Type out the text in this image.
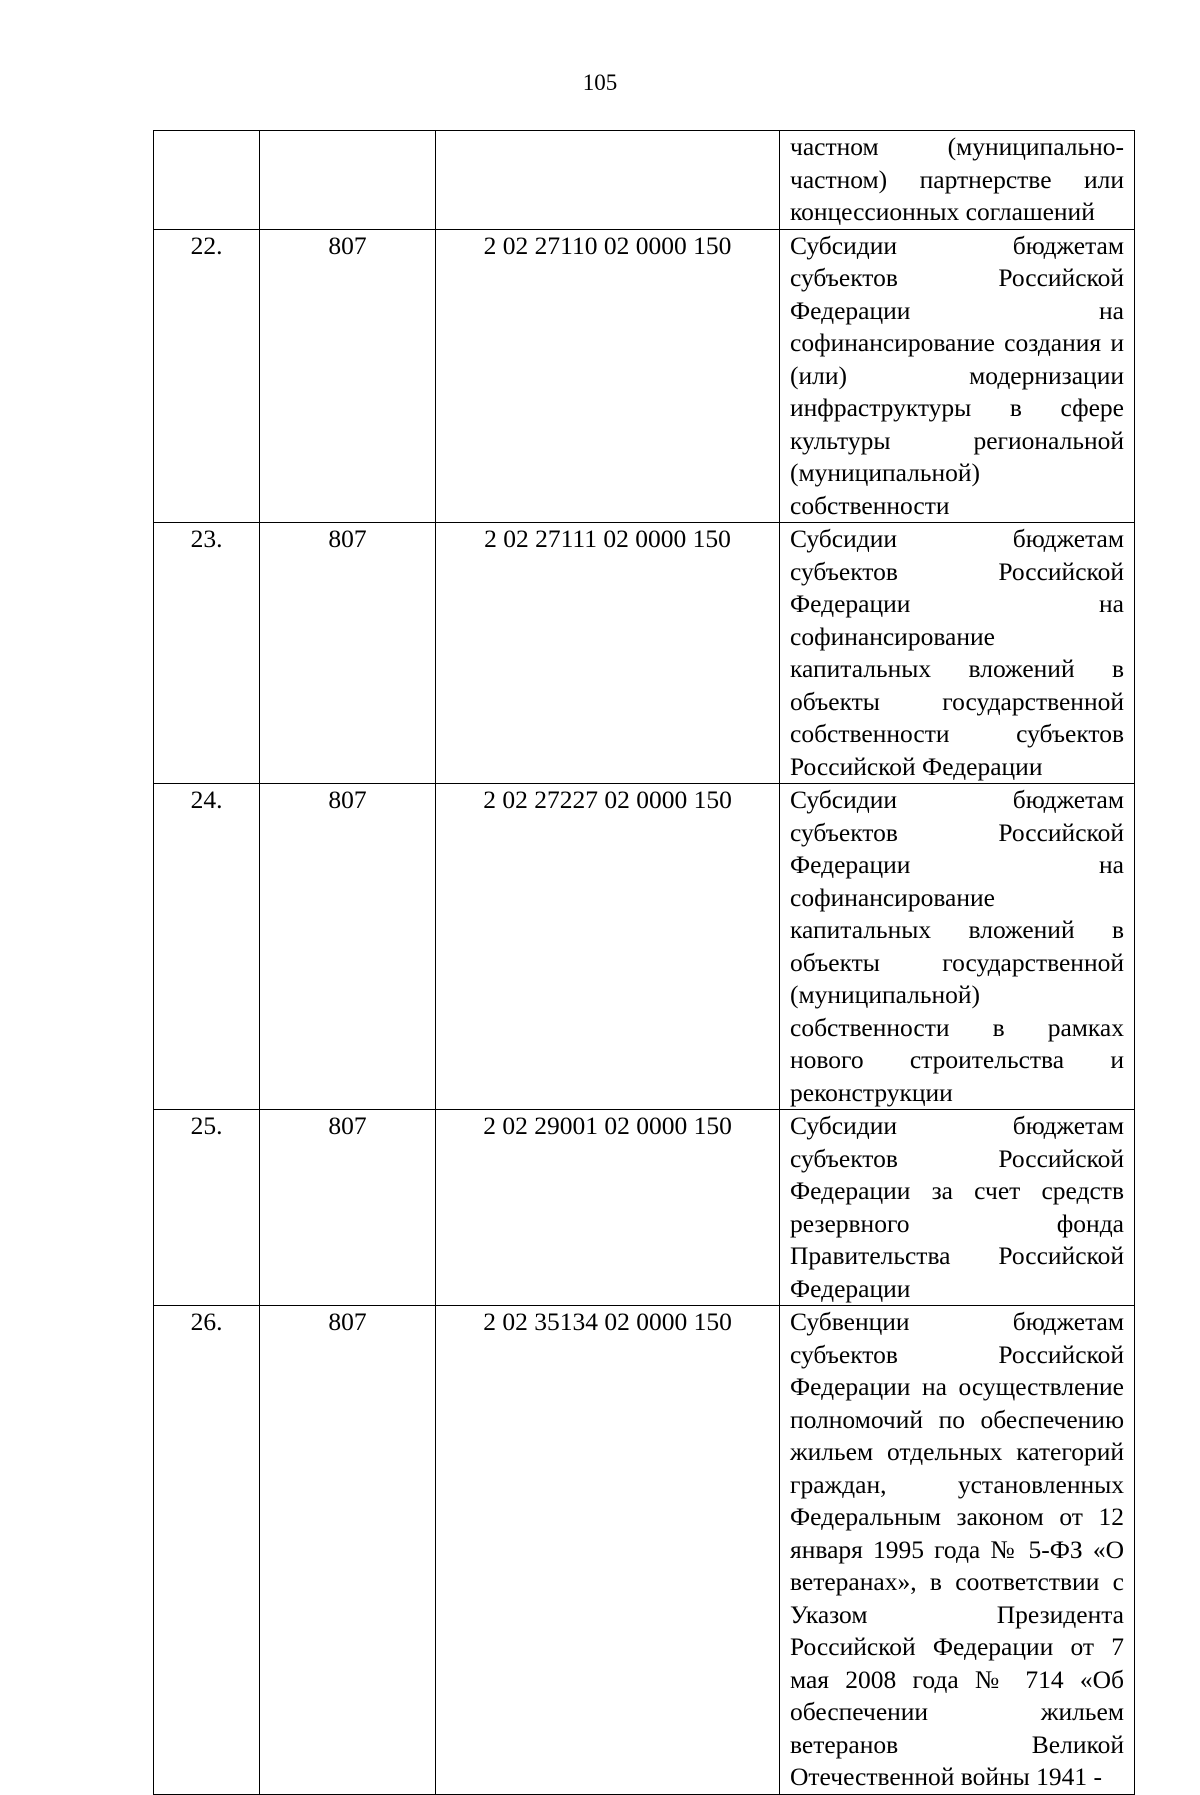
105

			частном (муниципально-частном) партнерстве или концессионных соглашений

22.	807	2 02 27110 02 0000 150	Субсидии бюджетам субъектов Российской Федерации на софинансирование создания и (или) модернизации инфраструктуры в сфере культуры региональной (муниципальной) собственности

23.	807	2 02 27111 02 0000 150	Субсидии бюджетам субъектов Российской Федерации на софинансирование капитальных вложений в объекты государственной собственности субъектов Российской Федерации

24.	807	2 02 27227 02 0000 150	Субсидии бюджетам субъектов Российской Федерации на софинансирование капитальных вложений в объекты государственной (муниципальной) собственности в рамках нового строительства и реконструкции

25.	807	2 02 29001 02 0000 150	Субсидии бюджетам субъектов Российской Федерации за счет средств резервного фонда Правительства Российской Федерации

26.	807	2 02 35134 02 0000 150	Субвенции бюджетам субъектов Российской Федерации на осуществление полномочий по обеспечению жильем отдельных категорий граждан, установленных Федеральным законом от 12 января 1995 года № 5-ФЗ «О ветеранах», в соответствии с Указом Президента Российской Федерации от 7 мая 2008 года № 714 «Об обеспечении жильем ветеранов Великой Отечественной войны 1941 -
